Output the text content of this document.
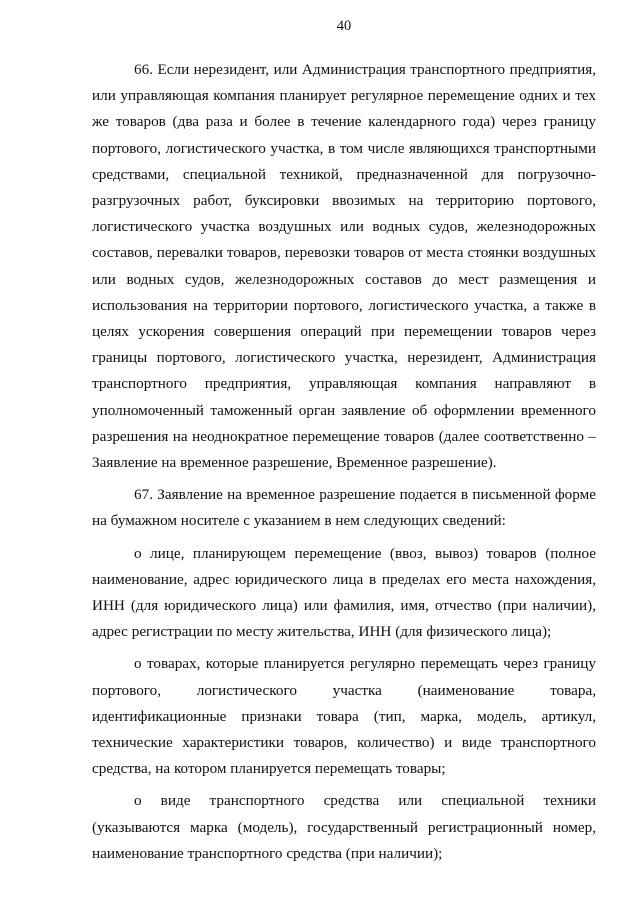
40

66. Если нерезидент, или Администрация транспортного предприятия, или управляющая компания планирует регулярное перемещение одних и тех же товаров (два раза и более в течение календарного года) через границу портового, логистического участка, в том числе являющихся транспортными средствами, специальной техникой, предназначенной для погрузочно-разгрузочных работ, буксировки ввозимых на территорию портового, логистического участка воздушных или водных судов, железнодорожных составов, перевалки товаров, перевозки товаров от места стоянки воздушных или водных судов, железнодорожных составов до мест размещения и использования на территории портового, логистического участка, а также в целях ускорения совершения операций при перемещении товаров через границы портового, логистического участка, нерезидент, Администрация транспортного предприятия, управляющая компания направляют в уполномоченный таможенный орган заявление об оформлении временного разрешения на неоднократное перемещение товаров (далее соответственно – Заявление на временное разрешение, Временное разрешение).

67. Заявление на временное разрешение подается в письменной форме на бумажном носителе с указанием в нем следующих сведений:

о лице, планирующем перемещение (ввоз, вывоз) товаров (полное наименование, адрес юридического лица в пределах его места нахождения, ИНН (для юридического лица) или фамилия, имя, отчество (при наличии), адрес регистрации по месту жительства, ИНН (для физического лица);

о товарах, которые планируется регулярно перемещать через границу портового, логистического участка (наименование товара, идентификационные признаки товара (тип, марка, модель, артикул, технические характеристики товаров, количество) и виде транспортного средства, на котором планируется перемещать товары;

о виде транспортного средства или специальной техники (указываются марка (модель), государственный регистрационный номер, наименование транспортного средства (при наличии);
